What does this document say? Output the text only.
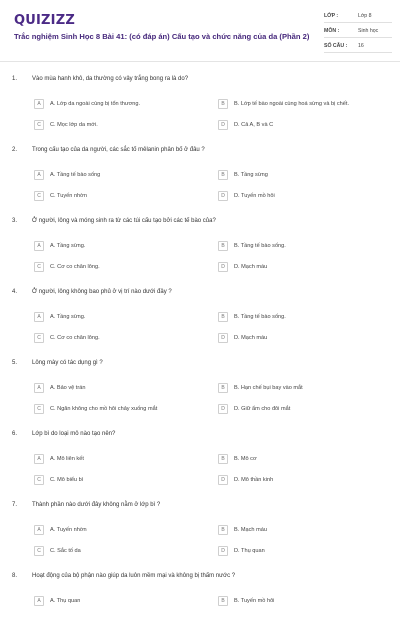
QUIZIZZ
Trắc nghiệm Sinh Học 8 Bài 41: (có đáp án) Cấu tạo và chức năng của da (Phần 2)
LỚP :	Lớp 8
MÔN :	Sinh học
SỐ CÂU :	16
1.	Vào mùa hanh khô, da thường có vảy trắng bong ra là do?
A	A. Lớp da ngoài cùng bị tổn thương.	B	B. Lớp tế bào ngoài cùng hoá sừng và bị chết.
C	C. Mọc lớp da mới.	D	D. Cả A, B và C
2.	Trong cấu tạo của da người, các sắc tố mêlanin phân bố ở đâu ?
A	A. Tầng tế bào sống	B	B. Tầng sừng
C	C. Tuyến nhờn	D	D. Tuyến mồ hôi
3.	Ở người, lông và móng sinh ra từ các túi cấu tạo bởi các tế bào của?
A	A. Tầng sừng.	B	B. Tầng tế bào sống.
C	C. Cơ co chân lông.	D	D. Mạch máu
4.	Ở người, lông không bao phủ ở vị trí nào dưới đây ?
A	A. Tầng sừng.	B	B. Tầng tế bào sống.
C	C. Cơ co chân lông.	D	D. Mạch máu
5.	Lông mày có tác dụng gì ?
A	A. Bảo vệ trán	B	B. Hạn chế bụi bay vào mắt
C	C. Ngăn không cho mồ hôi chảy xuống mắt	D	D. Giữ ẩm cho đôi mắt
6.	Lớp bì do loại mô nào tạo nên?
A	A. Mô liên kết	B	B. Mô cơ
C	C. Mô biểu bì	D	D. Mô thần kinh
7.	Thành phần nào dưới đây không nằm ở lớp bì ?
A	A. Tuyến nhờn	B	B. Mạch máu
C	C. Sắc tố da	D	D. Thụ quan
8.	Hoạt động của bộ phận nào giúp da luôn mềm mại và không bị thấm nước ?
A	A. Thụ quan	B	B. Tuyến mồ hôi
